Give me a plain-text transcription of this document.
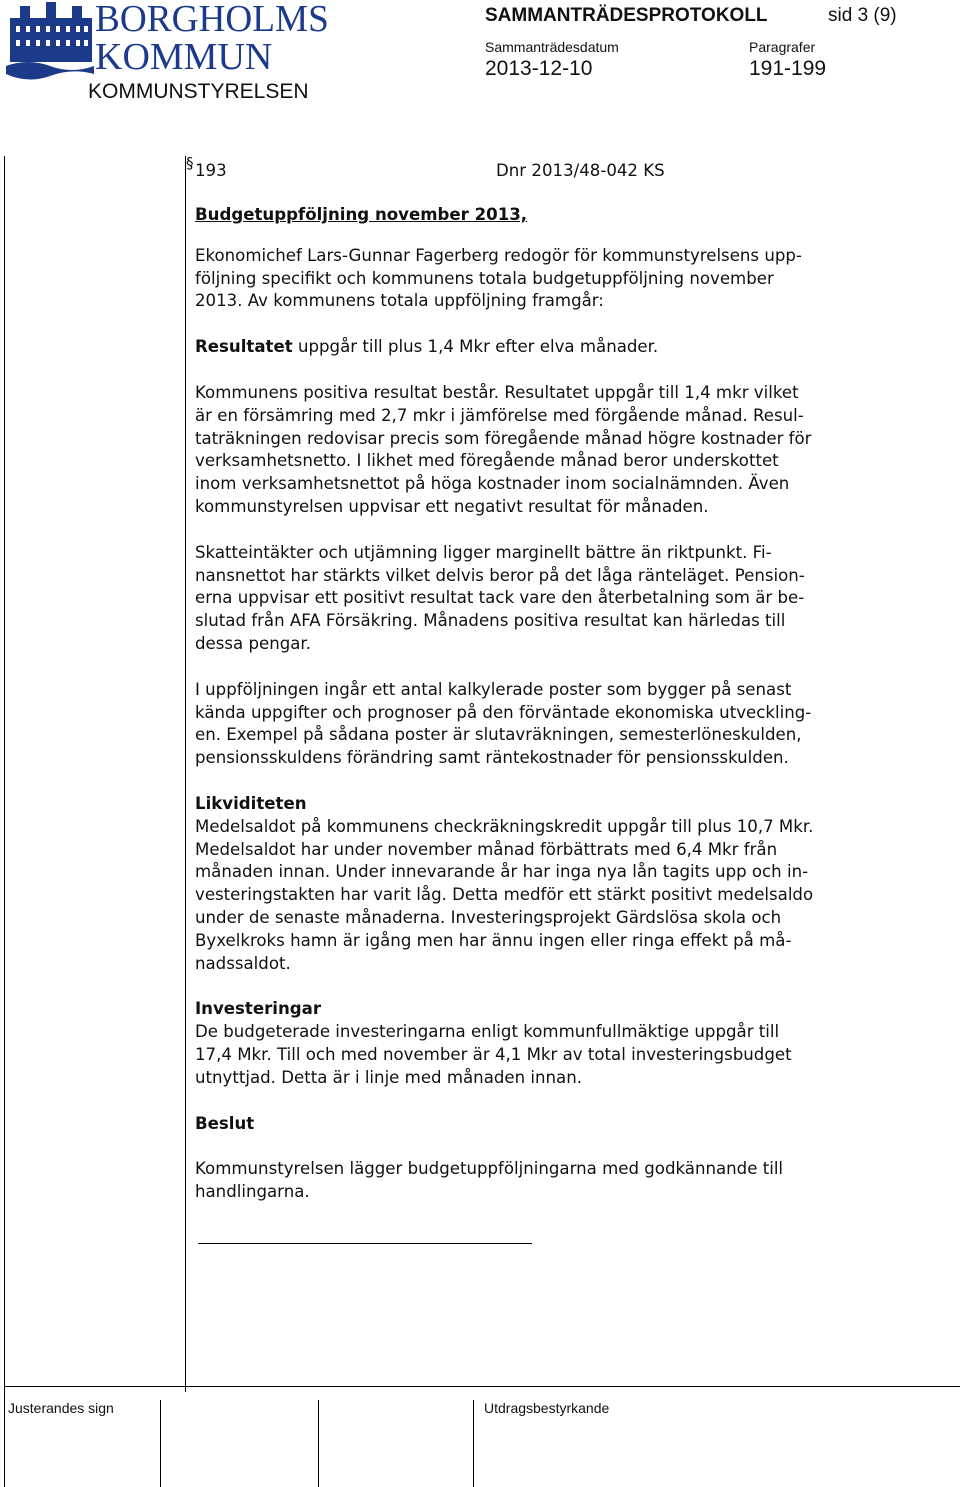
BORGHOLMS
KOMMUN
KOMMUNSTYRELSEN
SAMMANTRÄDESPROTOKOLL	sid 3 (9)
Sammanträdesdatum
2013-12-10
Paragrafer
191-199
§ 193	Dnr 2013/48-042 KS
Budgetuppföljning november 2013,

Ekonomichef Lars-Gunnar Fagerberg redogör för kommunstyrelsens upp-
följning specifikt och kommunens totala budgetuppföljning november
2013. Av kommunens totala uppföljning framgår:

Resultatet uppgår till plus 1,4 Mkr efter elva månader.

Kommunens positiva resultat består. Resultatet uppgår till 1,4 mkr vilket
är en försämring med 2,7 mkr i jämförelse med förgående månad. Resul-
taträkningen redovisar precis som föregående månad högre kostnader för
verksamhetsnetto. I likhet med föregående månad beror underskottet
inom verksamhetsnettot på höga kostnader inom socialnämnden. Även
kommunstyrelsen uppvisar ett negativt resultat för månaden.

Skatteintäkter och utjämning ligger marginellt bättre än riktpunkt. Fi-
nansnettot har stärkts vilket delvis beror på det låga ränteläget. Pension-
erna uppvisar ett positivt resultat tack vare den återbetalning som är be-
slutad från AFA Försäkring. Månadens positiva resultat kan härledas till
dessa pengar.

I uppföljningen ingår ett antal kalkylerade poster som bygger på senast
kända uppgifter och prognoser på den förväntade ekonomiska utveckling-
en. Exempel på sådana poster är slutavräkningen, semesterlöneskulden,
pensionsskuldens förändring samt räntekostnader för pensionsskulden.

Likviditeten

Medelsaldot på kommunens checkräkningskredit uppgår till plus 10,7 Mkr.
Medelsaldot har under november månad förbättrats med 6,4 Mkr från
månaden innan. Under innevarande år har inga nya lån tagits upp och in-
vesteringstakten har varit låg. Detta medför ett stärkt positivt medelsaldo
under de senaste månaderna. Investeringsprojekt Gärdslösa skola och
Byxelkroks hamn är igång men har ännu ingen eller ringa effekt på må-
nadssaldot.

Investeringar

De budgeterade investeringarna enligt kommunfullmäktige uppgår till
17,4 Mkr. Till och med november är 4,1 Mkr av total investeringsbudget
utnyttjad. Detta är i linje med månaden innan.

Beslut

Kommunstyrelsen lägger budgetuppföljningarna med godkännande till
handlingarna.

Justerandes sign	Utdragsbestyrkande
